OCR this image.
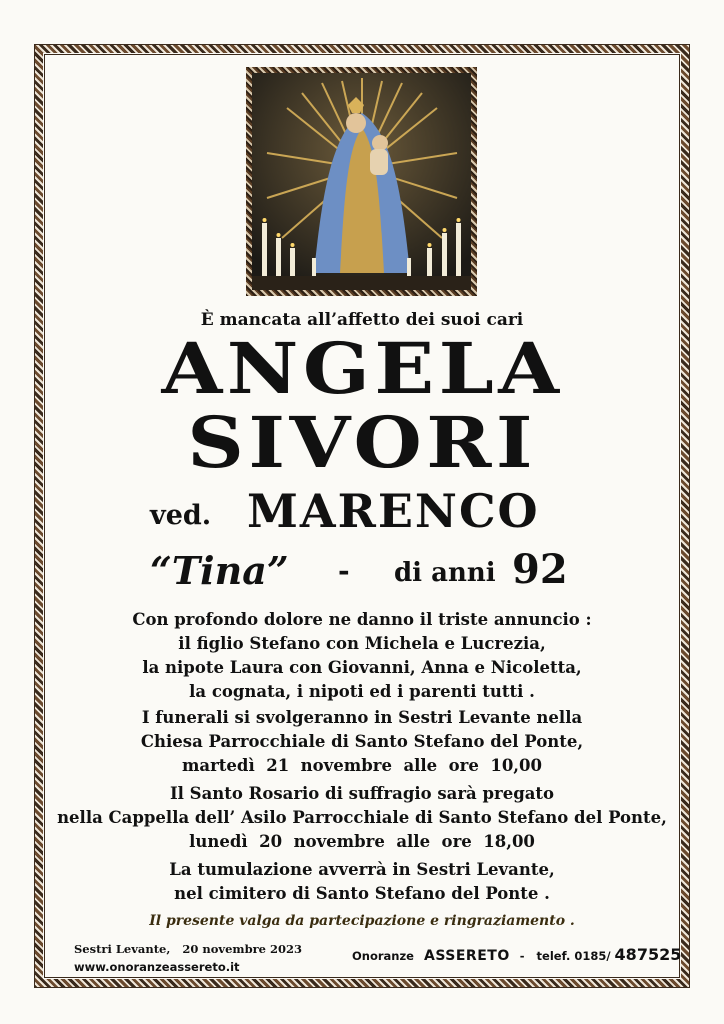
È mancata all’affetto dei suoi cari
ANGELA
SIVORI
ved. MARENCO
“Tina” - di anni 92
Con profondo dolore ne danno il triste annuncio :
il figlio Stefano con Michela e Lucrezia,
la nipote Laura con Giovanni, Anna e Nicoletta,
la cognata, i nipoti ed i parenti tutti .
I funerali si svolgeranno in Sestri Levante nella
Chiesa Parrocchiale di Santo Stefano del Ponte,
martedì  21  novembre  alle  ore  10,00
Il Santo Rosario di suffragio sarà pregato
nella Cappella dell’ Asilo Parrocchiale di Santo Stefano del Ponte,
lunedì  20  novembre  alle  ore  18,00
La tumulazione avverrà in Sestri Levante,
nel cimitero di Santo Stefano del Ponte .
Il presente valga da partecipazione e ringraziamento .
Sestri Levante,   20 novembre 2023
www.onoranzeassereto.it
Onoranze ASSERETO -   telef. 0185/ 487525
